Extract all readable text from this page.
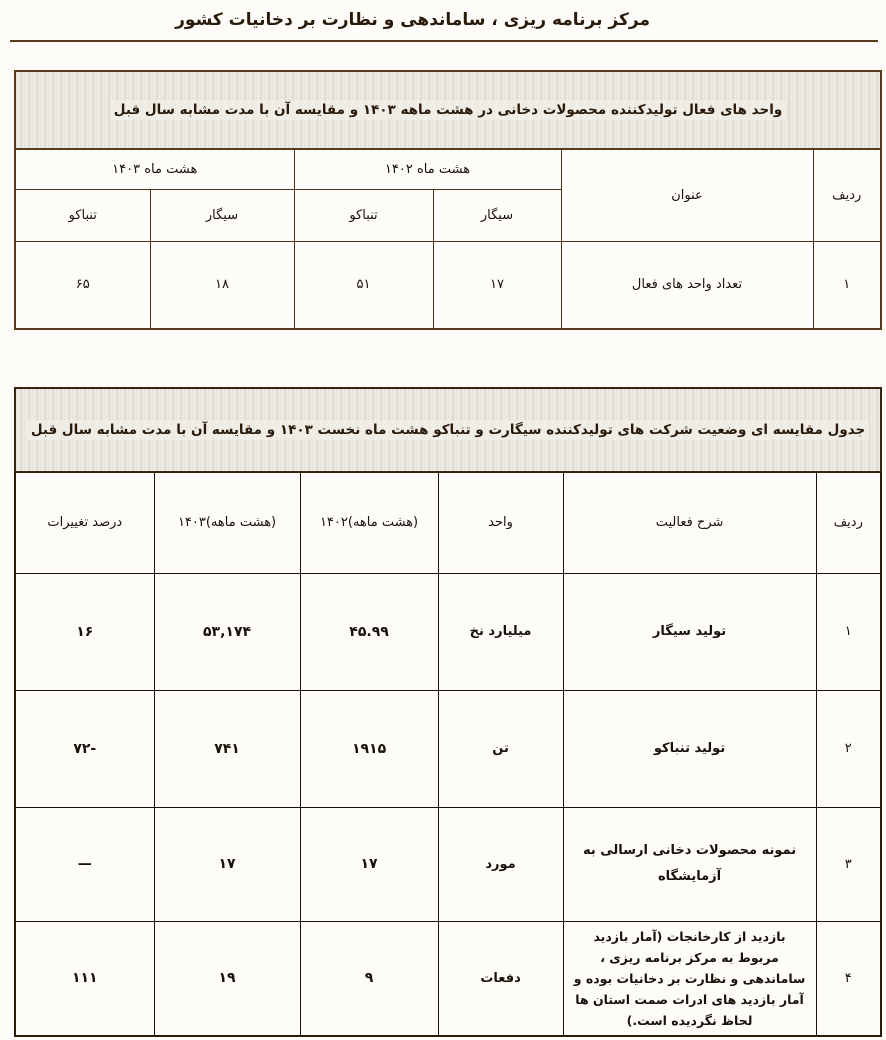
مرکز برنامه ریزی ، ساماندهی و نظارت بر دخانیات کشور
واحد های فعال تولیدکننده محصولات دخانی در هشت ماهه ۱۴۰۳ و مقایسه آن با مدت مشابه سال قبل					
ردیف	عنوان	هشت ماه ۱۴۰۲		هشت ماه ۱۴۰۳	
		سیگار	تنباکو	سیگار	تنباکو
۱	تعداد واحد های فعال	۱۷	۵۱	۱۸	۶۵
جدول مقایسه ای وضعیت شرکت های تولیدکننده سیگارت و تنباکو هشت ماه نخست ۱۴۰۳ و مقایسه آن با مدت مشابه سال قبل					
ردیف	شرح فعالیت	واحد	(هشت ماهه)۱۴۰۲	(هشت ماهه)۱۴۰۳	درصد تغییرات
۱	تولید سیگار	میلیارد نخ	۴۵.۹۹	۵۳,۱۷۴	۱۶
۲	تولید تنباکو	تن	۱۹۱۵	۷۴۱	-۷۲
۳	نمونه محصولات دخانی ارسالی به آزمایشگاه	مورد	۱۷	۱۷	—
۴	بازدید از کارخانجات (آمار بازدید مربوط به مرکز برنامه ریزی ، ساماندهی و نظارت بر دخانیات بوده و آمار بازدید های ادرات صمت استان ها لحاظ نگردیده است.)	دفعات	۹	۱۹	۱۱۱
